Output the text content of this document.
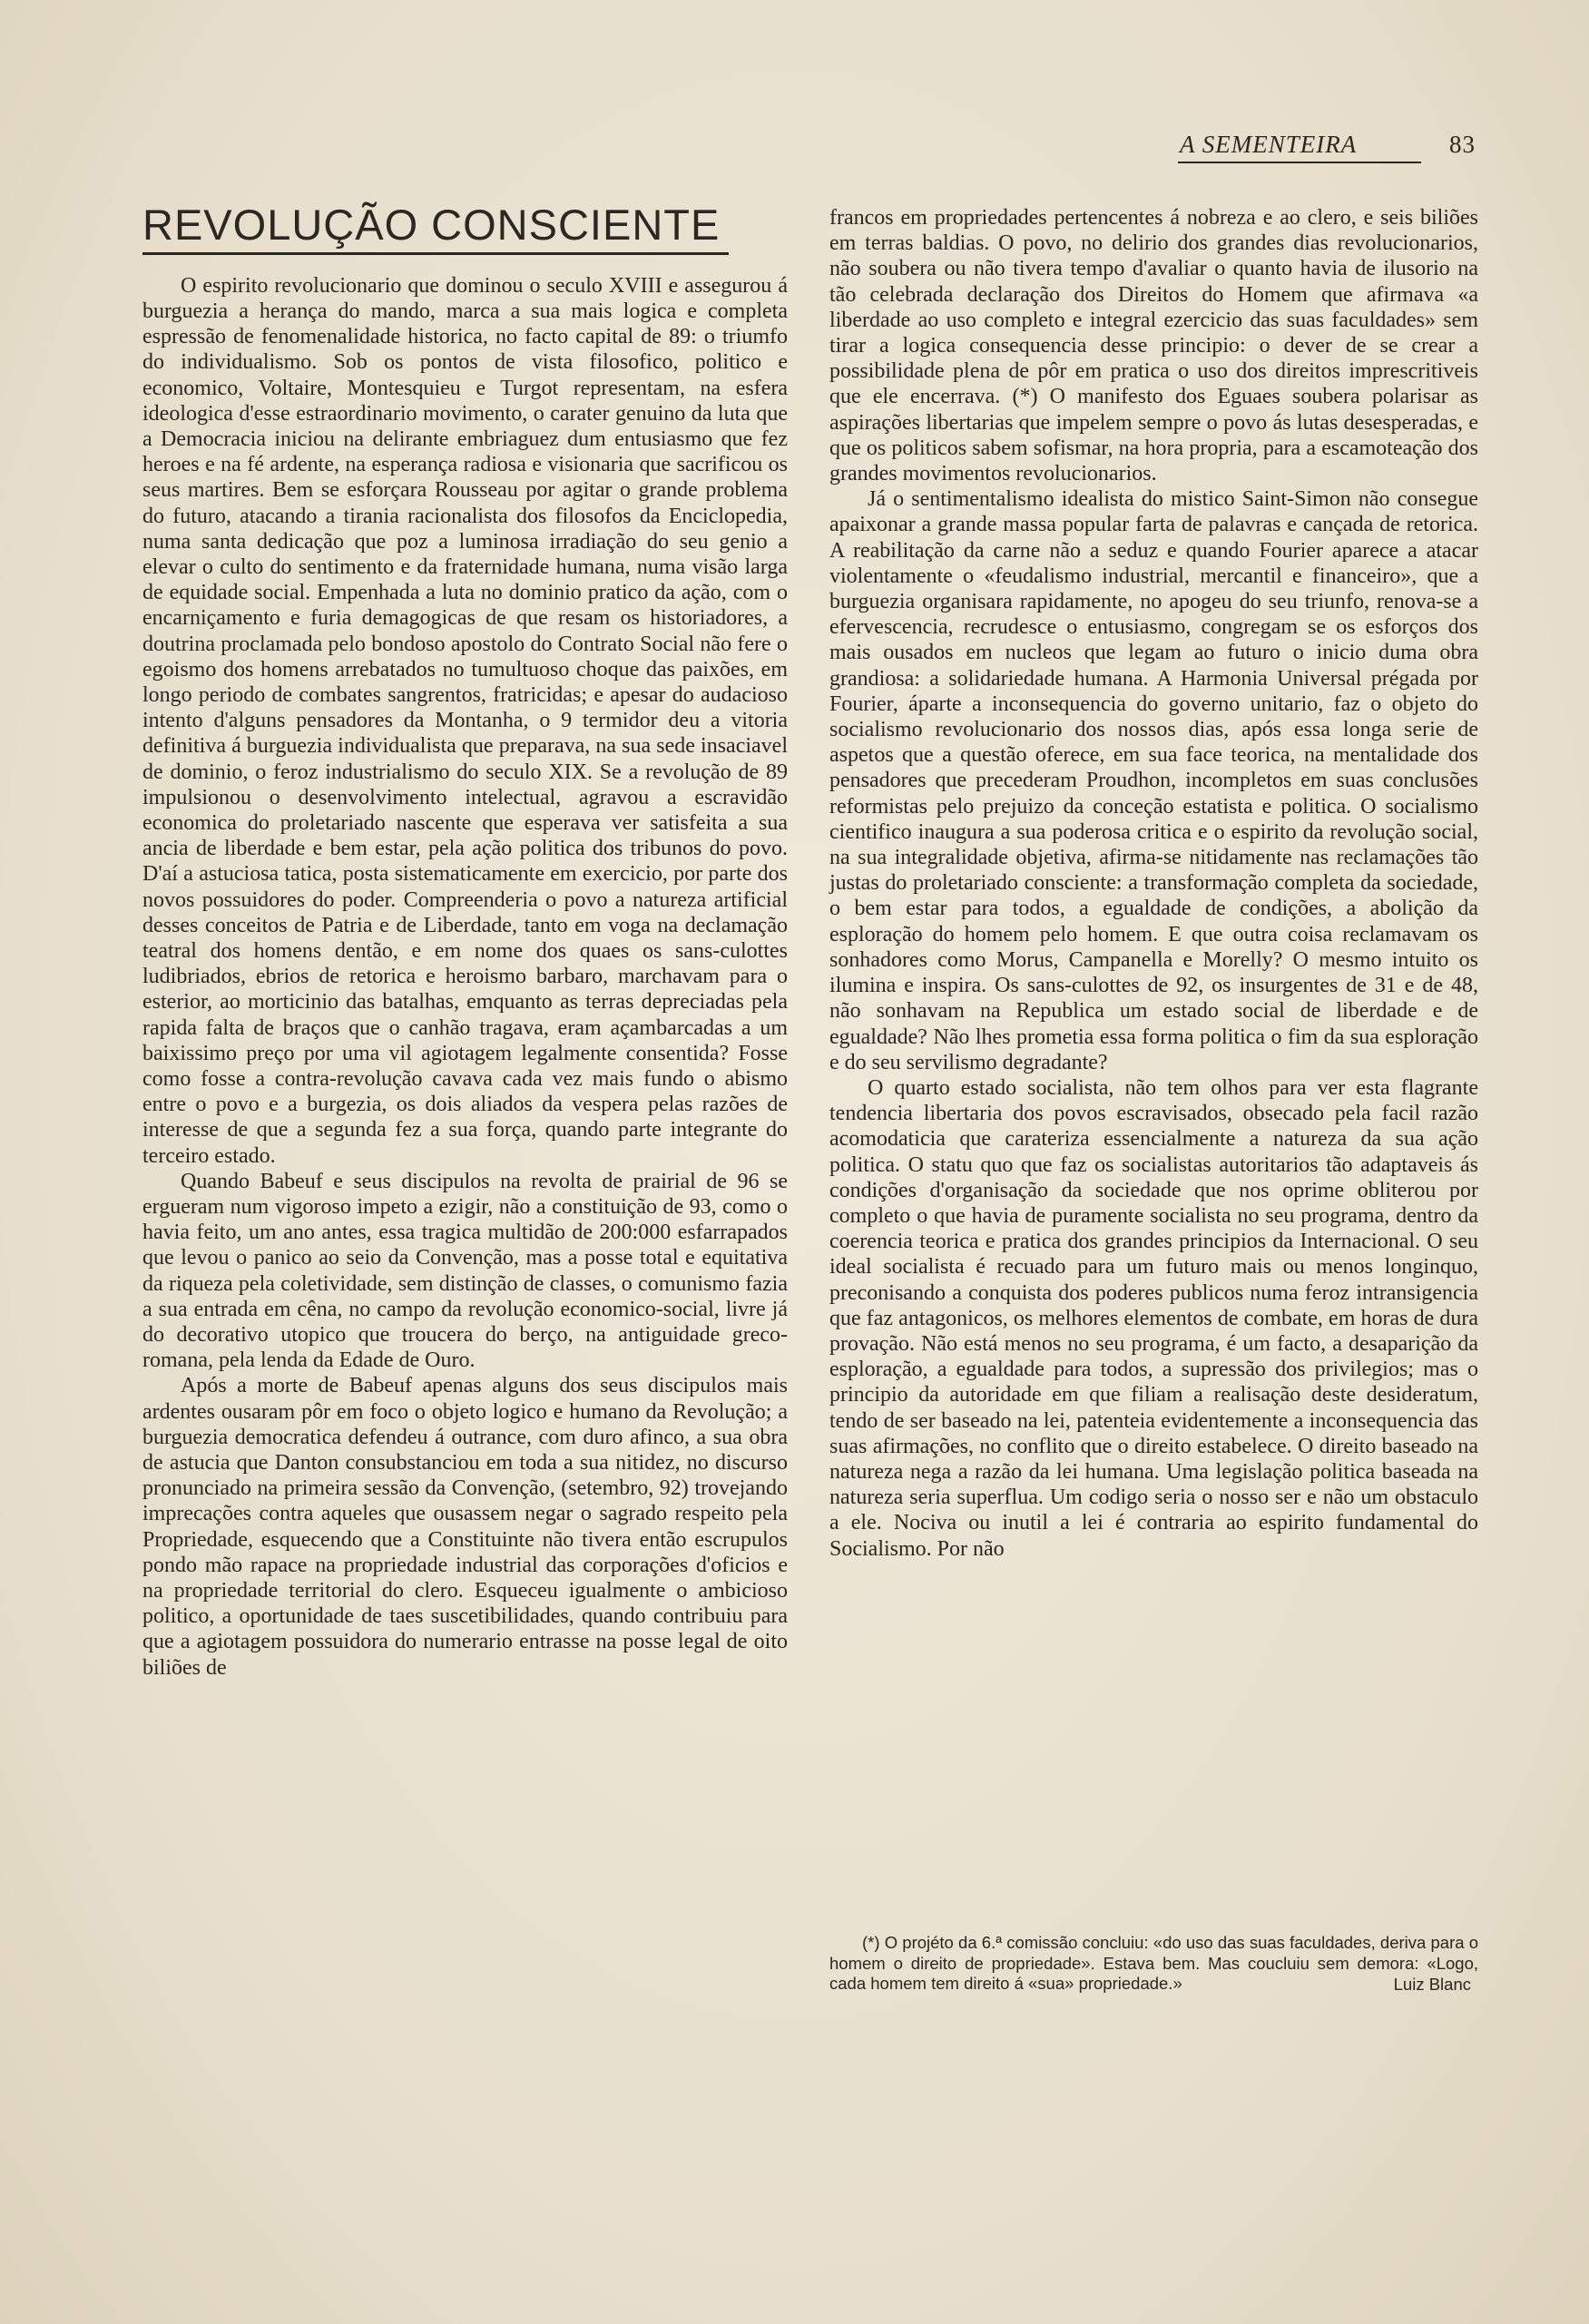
A SEMENTEIRA	83
REVOLUÇÃO CONSCIENTE

O espirito revolucionario que dominou o seculo XVIII e assegurou á burguezia a herança do mando, marca a sua mais logica e completa espressão de fenomenalidade historica, no facto capital de 89: o triumfo do individualismo. Sob os pontos de vista filosofico, politico e economico, Voltaire, Montesquieu e Turgot representam, na esfera ideologica d'esse estraordinario movimento, o carater genuino da luta que a Democracia iniciou na delirante embriaguez dum entusiasmo que fez heroes e na fé ardente, na esperança radiosa e visionaria que sacrificou os seus martires. Bem se esforçara Rousseau por agitar o grande problema do futuro, atacando a tirania racionalista dos filosofos da Enciclopedia, numa santa dedicação que poz a luminosa irradiação do seu genio a elevar o culto do sentimento e da fraternidade humana, numa visão larga de equidade social. Empenhada a luta no dominio pratico da ação, com o encarniçamento e furia demagogicas de que resam os historiadores, a doutrina proclamada pelo bondoso apostolo do Contrato Social não fere o egoismo dos homens arrebatados no tumultuoso choque das paixões, em longo periodo de combates sangrentos, fratricidas; e apesar do audacioso intento d'alguns pensadores da Montanha, o 9 termidor deu a vitoria definitiva á burguezia individualista que preparava, na sua sede insaciavel de dominio, o feroz industrialismo do seculo XIX. Se a revolução de 89 impulsionou o desenvolvimento intelectual, agravou a escravidão economica do proletariado nascente que esperava ver satisfeita a sua ancia de liberdade e bem estar, pela ação politica dos tribunos do povo. D'aí a astuciosa tatica, posta sistematicamente em exercicio, por parte dos novos possuidores do poder. Compreenderia o povo a natureza artificial desses conceitos de Patria e de Liberdade, tanto em voga na declamação teatral dos homens dentão, e em nome dos quaes os sans-culottes ludibriados, ebrios de retorica e heroismo barbaro, marchavam para o esterior, ao morticinio das batalhas, emquanto as terras depreciadas pela rapida falta de braços que o canhão tragava, eram açambarcadas a um baixissimo preço por uma vil agiotagem legalmente consentida? Fosse como fosse a contra-revolução cavava cada vez mais fundo o abismo entre o povo e a burgezia, os dois aliados da vespera pelas razões de interesse de que a segunda fez a sua força, quando parte integrante do terceiro estado.

Quando Babeuf e seus discipulos na revolta de prairial de 96 se ergueram num vigoroso impeto a ezigir, não a constituição de 93, como o havia feito, um ano antes, essa tragica multidão de 200:000 esfarrapados que levou o panico ao seio da Convenção, mas a posse total e equitativa da riqueza pela coletividade, sem distinção de classes, o comunismo fazia a sua entrada em cêna, no campo da revolução economico-social, livre já do decorativo utopico que troucera do berço, na antiguidade greco-romana, pela lenda da Edade de Ouro.

Após a morte de Babeuf apenas alguns dos seus discipulos mais ardentes ousaram pôr em foco o objeto logico e humano da Revolução; a burguezia democratica defendeu á outrance, com duro afinco, a sua obra de astucia que Danton consubstanciou em toda a sua nitidez, no discurso pronunciado na primeira sessão da Convenção, (setembro, 92) trovejando imprecações contra aqueles que ousassem negar o sagrado respeito pela Propriedade, esquecendo que a Constituinte não tivera então escrupulos pondo mão rapace na propriedade industrial das corporações d'oficios e na propriedade territorial do clero. Esqueceu igualmente o ambicioso politico, a oportunidade de taes suscetibilidades, quando contribuiu para que a agiotagem possuidora do numerario entrasse na posse legal de oito biliões de

francos em propriedades pertencentes á nobreza e ao clero, e seis biliões em terras baldias. O povo, no delirio dos grandes dias revolucionarios, não soubera ou não tivera tempo d'avaliar o quanto havia de ilusorio na tão celebrada declaração dos Direitos do Homem que afirmava «a liberdade ao uso completo e integral ezercicio das suas faculdades» sem tirar a logica consequencia desse principio: o dever de se crear a possibilidade plena de pôr em pratica o uso dos direitos imprescritiveis que ele encerrava. (*) O manifesto dos Eguaes soubera polarisar as aspirações libertarias que impelem sempre o povo ás lutas desesperadas, e que os politicos sabem sofismar, na hora propria, para a escamoteação dos grandes movimentos revolucionarios.

Já o sentimentalismo idealista do mistico Saint-Simon não consegue apaixonar a grande massa popular farta de palavras e cançada de retorica. A reabilitação da carne não a seduz e quando Fourier aparece a atacar violentamente o «feudalismo industrial, mercantil e financeiro», que a burguezia organisara rapidamente, no apogeu do seu triunfo, renova-se a efervescencia, recrudesce o entusiasmo, congregam se os esforços dos mais ousados em nucleos que legam ao futuro o inicio duma obra grandiosa: a solidariedade humana. A Harmonia Universal prégada por Fourier, áparte a inconsequencia do governo unitario, faz o objeto do socialismo revolucionario dos nossos dias, após essa longa serie de aspetos que a questão oferece, em sua face teorica, na mentalidade dos pensadores que precederam Proudhon, incompletos em suas conclusões reformistas pelo prejuizo da conceção estatista e politica. O socialismo cientifico inaugura a sua poderosa critica e o espirito da revolução social, na sua integralidade objetiva, afirma-se nitidamente nas reclamações tão justas do proletariado consciente: a transformação completa da sociedade, o bem estar para todos, a egualdade de condições, a abolição da esploração do homem pelo homem. E que outra coisa reclamavam os sonhadores como Morus, Campanella e Morelly? O mesmo intuito os ilumina e inspira. Os sans-culottes de 92, os insurgentes de 31 e de 48, não sonhavam na Republica um estado social de liberdade e de egualdade? Não lhes prometia essa forma politica o fim da sua esploração e do seu servilismo degradante?

O quarto estado socialista, não tem olhos para ver esta flagrante tendencia libertaria dos povos escravisados, obsecado pela facil razão acomodaticia que carateriza essencialmente a natureza da sua ação politica. O statu quo que faz os socialistas autoritarios tão adaptaveis ás condições d'organisação da sociedade que nos oprime obliterou por completo o que havia de puramente socialista no seu programa, dentro da coerencia teorica e pratica dos grandes principios da Internacional. O seu ideal socialista é recuado para um futuro mais ou menos longinquo, preconisando a conquista dos poderes publicos numa feroz intransigencia que faz antagonicos, os melhores elementos de combate, em horas de dura provação. Não está menos no seu programa, é um facto, a desaparição da esploração, a egualdade para todos, a supressão dos privilegios; mas o principio da autoridade em que filiam a realisação deste desideratum, tendo de ser baseado na lei, patenteia evidentemente a inconsequencia das suas afirmações, no conflito que o direito estabelece. O direito baseado na natureza nega a razão da lei humana. Uma legislação politica baseada na natureza seria superflua. Um codigo seria o nosso ser e não um obstaculo a ele. Nociva ou inutil a lei é contraria ao espirito fundamental do Socialismo. Por não

(*) O projéto da 6.ª comissão concluiu: «do uso das suas faculdades, deriva para o homem o direito de propriedade». Estava bem. Mas coucluiu sem demora: «Logo, cada homem tem direito á «sua» propriedade.»	Luiz Blanc
